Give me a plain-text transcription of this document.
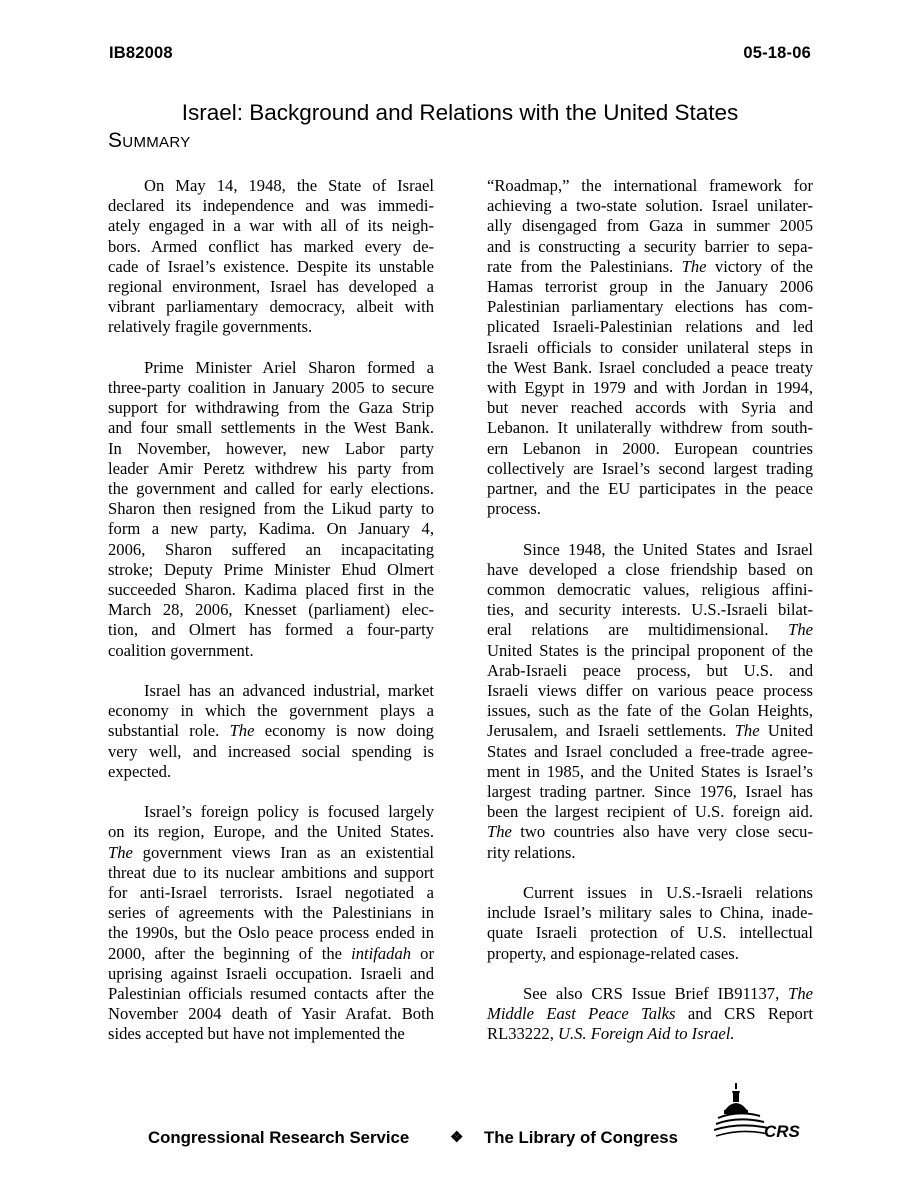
IB82008	05-18-06
Israel: Background and Relations with the United States
Summary

On May 14, 1948, the State of Israel
declared its independence and was immedi-
ately engaged in a war with all of its neigh-
bors. Armed conflict has marked every de-
cade of Israel’s existence. Despite its unstable
regional environment, Israel has developed a
vibrant parliamentary democracy, albeit with
relatively fragile governments.

Prime Minister Ariel Sharon formed a
three-party coalition in January 2005 to secure
support for withdrawing from the Gaza Strip
and four small settlements in the West Bank.
In November, however, new Labor party
leader Amir Peretz withdrew his party from
the government and called for early elections.
Sharon then resigned from the Likud party to
form a new party, Kadima. On January 4,
2006, Sharon suffered an incapacitating
stroke; Deputy Prime Minister Ehud Olmert
succeeded Sharon. Kadima placed first in the
March 28, 2006, Knesset (parliament) elec-
tion, and Olmert has formed a four-party
coalition government.

Israel has an advanced industrial, market
economy in which the government plays a
substantial role. The economy is now doing
very well, and increased social spending is
expected.

Israel’s foreign policy is focused largely
on its region, Europe, and the United States.
The government views Iran as an existential
threat due to its nuclear ambitions and support
for anti-Israel terrorists. Israel negotiated a
series of agreements with the Palestinians in
the 1990s, but the Oslo peace process ended in
2000, after the beginning of the intifadah or
uprising against Israeli occupation. Israeli and
Palestinian officials resumed contacts after the
November 2004 death of Yasir Arafat. Both
sides accepted but have not implemented the

“Roadmap,” the international framework for
achieving a two-state solution. Israel unilater-
ally disengaged from Gaza in summer 2005
and is constructing a security barrier to sepa-
rate from the Palestinians. The victory of the
Hamas terrorist group in the January 2006
Palestinian parliamentary elections has com-
plicated Israeli-Palestinian relations and led
Israeli officials to consider unilateral steps in
the West Bank. Israel concluded a peace treaty
with Egypt in 1979 and with Jordan in 1994,
but never reached accords with Syria and
Lebanon. It unilaterally withdrew from south-
ern Lebanon in 2000. European countries
collectively are Israel’s second largest trading
partner, and the EU participates in the peace
process.

Since 1948, the United States and Israel
have developed a close friendship based on
common democratic values, religious affini-
ties, and security interests. U.S.-Israeli bilat-
eral relations are multidimensional. The
United States is the principal proponent of the
Arab-Israeli peace process, but U.S. and
Israeli views differ on various peace process
issues, such as the fate of the Golan Heights,
Jerusalem, and Israeli settlements. The United
States and Israel concluded a free-trade agree-
ment in 1985, and the United States is Israel’s
largest trading partner. Since 1976, Israel has
been the largest recipient of U.S. foreign aid.
The two countries also have very close secu-
rity relations.

Current issues in U.S.-Israeli relations
include Israel’s military sales to China, inade-
quate Israeli protection of U.S. intellectual
property, and espionage-related cases.

See also CRS Issue Brief IB91137, The
Middle East Peace Talks and CRS Report
RL33222, U.S. Foreign Aid to Israel.

Congressional Research Service	❖ The Library of Congress	CRS
